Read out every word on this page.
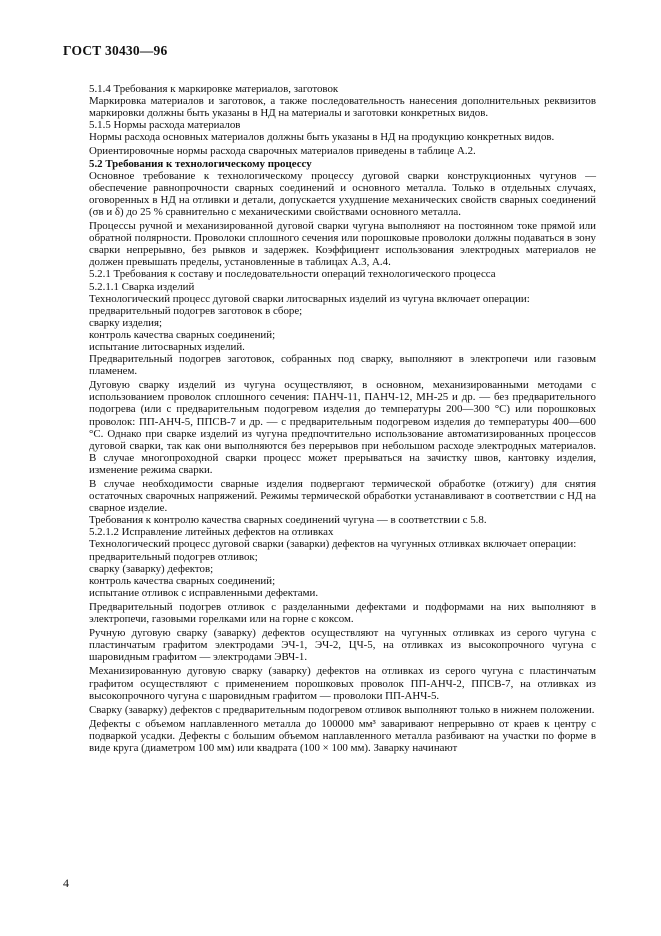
ГОСТ 30430—96

5.1.4 Требования к маркировке материалов, заготовок

Маркировка материалов и заготовок, а также последовательность нанесения дополнительных реквизитов маркировки должны быть указаны в НД на материалы и заготовки конкретных видов.

5.1.5 Нормы расхода материалов

Нормы расхода основных материалов должны быть указаны в НД на продукцию конкретных видов.

Ориентировочные нормы расхода сварочных материалов приведены в таблице А.2.

5.2 Требования к технологическому процессу

Основное требование к технологическому процессу дуговой сварки конструкционных чугунов — обеспечение равнопрочности сварных соединений и основного металла. Только в отдельных случаях, оговоренных в НД на отливки и детали, допускается ухудшение механических свойств сварных соединений (σв и δ) до 25 % сравнительно с механическими свойствами основного металла.

Процессы ручной и механизированной дуговой сварки чугуна выполняют на постоянном токе прямой или обратной полярности. Проволоки сплошного сечения или порошковые проволоки должны подаваться в зону сварки непрерывно, без рывков и задержек. Коэффициент использования электродных материалов не должен превышать пределы, установленные в таблицах А.3, А.4.

5.2.1 Требования к составу и последовательности операций технологического процесса

5.2.1.1 Сварка изделий

Технологический процесс дуговой сварки литосварных изделий из чугуна включает операции:

предварительный подогрев заготовок в сборе;

сварку изделия;

контроль качества сварных соединений;

испытание литосварных изделий.

Предварительный подогрев заготовок, собранных под сварку, выполняют в электропечи или газовым пламенем.

Дуговую сварку изделий из чугуна осуществляют, в основном, механизированными методами с использованием проволок сплошного сечения: ПАНЧ-11, ПАНЧ-12, МН-25 и др. — без предварительного подогрева (или с предварительным подогревом изделия до температуры 200—300 °С) или порошковых проволок: ПП-АНЧ-5, ППСВ-7 и др. — с предварительным подогревом изделия до температуры 400—600 °С. Однако при сварке изделий из чугуна предпочтительно использование автоматизированных процессов дуговой сварки, так как они выполняются без перерывов при небольшом расходе электродных материалов. В случае многопроходной сварки процесс может прерываться на зачистку швов, кантовку изделия, изменение режима сварки.

В случае необходимости сварные изделия подвергают термической обработке (отжигу) для снятия остаточных сварочных напряжений. Режимы термической обработки устанавливают в соответствии с НД на сварное изделие.

Требования к контролю качества сварных соединений чугуна — в соответствии с 5.8.

5.2.1.2 Исправление литейных дефектов на отливках

Технологический процесс дуговой сварки (заварки) дефектов на чугунных отливках включает операции:

предварительный подогрев отливок;

сварку (заварку) дефектов;

контроль качества сварных соединений;

испытание отливок с исправленными дефектами.

Предварительный подогрев отливок с разделанными дефектами и подформами на них выполняют в электропечи, газовыми горелками или на горне с коксом.

Ручную дуговую сварку (заварку) дефектов осуществляют на чугунных отливках из серого чугуна с пластинчатым графитом электродами ЭЧ-1, ЭЧ-2, ЦЧ-5, на отливках из высокопрочного чугуна с шаровидным графитом — электродами ЭВЧ-1.

Механизированную дуговую сварку (заварку) дефектов на отливках из серого чугуна с пластинчатым графитом осуществляют с применением порошковых проволок ПП-АНЧ-2, ППСВ-7, на отливках из высокопрочного чугуна с шаровидным графитом — проволоки ПП-АНЧ-5.

Сварку (заварку) дефектов с предварительным подогревом отливок выполняют только в нижнем положении.

Дефекты с объемом наплавленного металла до 100000 мм³ заваривают непрерывно от краев к центру с подваркой усадки. Дефекты с большим объемом наплавленного металла разбивают на участки по форме в виде круга (диаметром 100 мм) или квадрата (100 × 100 мм). Заварку начинают

4
